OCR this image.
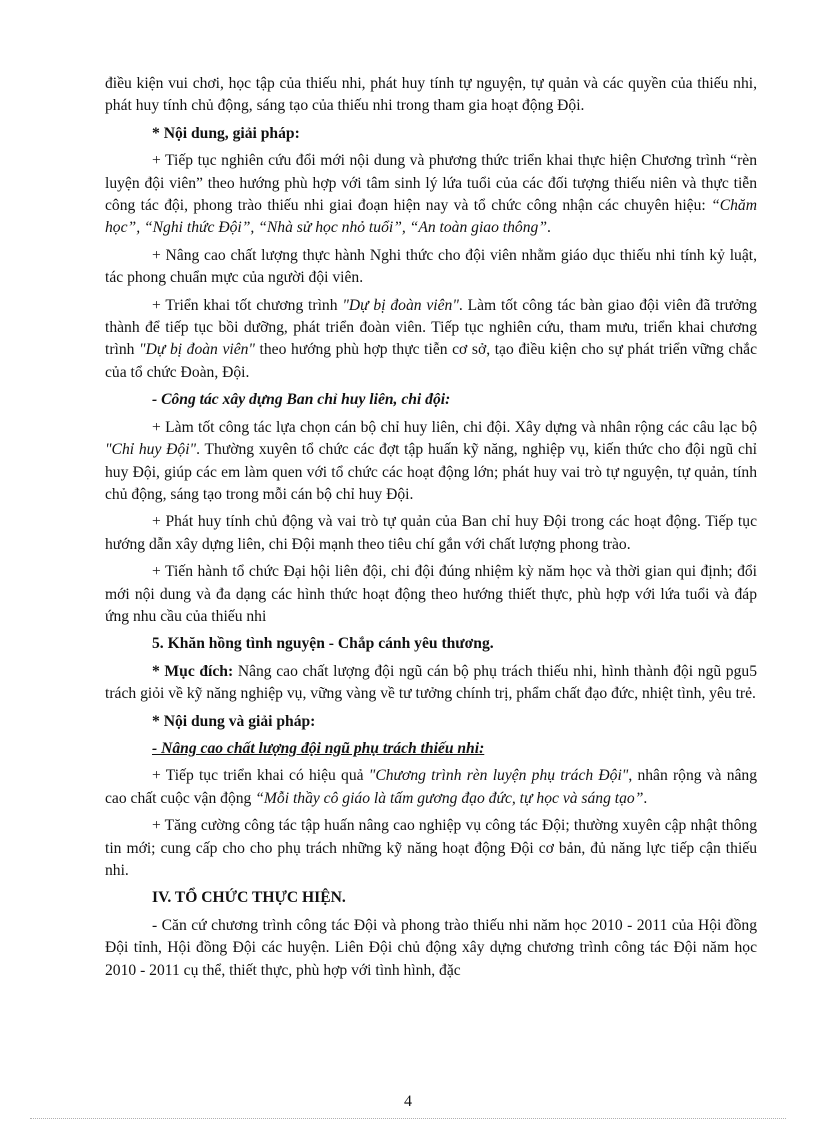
điều kiện vui chơi, học tập của thiếu nhi, phát huy tính tự nguyện, tự quản và các quyền của thiếu nhi, phát huy tính chủ động, sáng tạo của thiếu nhi trong tham gia hoạt động Đội.

* Nội dung, giải pháp:

+ Tiếp tục nghiên cứu đổi mới nội dung và phương thức triển khai thực hiện Chương trình “rèn luyện đội viên” theo hướng phù hợp với tâm sinh lý lứa tuổi của các đối tượng thiếu niên và thực tiễn công tác đội, phong trào thiếu nhi giai đoạn hiện nay và tổ chức công nhận các chuyên hiệu: “Chăm học”, “Nghi thức Đội”, “Nhà sử học nhỏ tuổi”, “An toàn giao thông”.

+ Nâng cao chất lượng thực hành Nghi thức cho đội viên nhằm giáo dục thiếu nhi tính kỷ luật, tác phong chuẩn mực của người đội viên.

+ Triển khai tốt chương trình "Dự bị đoàn viên". Làm tốt công tác bàn giao đội viên đã trưởng thành để tiếp tục bồi dưỡng, phát triển đoàn viên. Tiếp tục nghiên cứu, tham mưu, triển khai chương trình "Dự bị đoàn viên" theo hướng phù hợp thực tiễn cơ sở, tạo điều kiện cho sự phát triển vững chắc của tổ chức Đoàn, Đội.

- Công tác xây dựng Ban chỉ huy liên, chi đội:

+ Làm tốt công tác lựa chọn cán bộ chỉ huy liên, chi đội. Xây dựng và nhân rộng các câu lạc bộ "Chỉ huy Đội". Thường xuyên tổ chức các đợt tập huấn kỹ năng, nghiệp vụ, kiến thức cho đội ngũ chỉ huy Đội, giúp các em làm quen với tổ chức các hoạt động lớn; phát huy vai trò tự nguyện, tự quản, tính chủ động, sáng tạo trong mỗi cán bộ chỉ huy Đội.

+ Phát huy tính chủ động và vai trò tự quản của Ban chỉ huy Đội trong các hoạt động. Tiếp tục hướng dẫn xây dựng liên, chi Đội mạnh theo tiêu chí gắn với chất lượng phong trào.

+ Tiến hành tổ chức Đại hội liên đội, chi đội đúng nhiệm kỳ năm học và thời gian qui định; đổi mới nội dung và đa dạng các hình thức hoạt động theo hướng thiết thực, phù hợp với lứa tuổi và đáp ứng nhu cầu của thiếu nhi

5. Khăn hồng tình nguyện - Chắp cánh yêu thương.

* Mục đích: Nâng cao chất lượng đội ngũ cán bộ phụ trách thiếu nhi, hình thành đội ngũ pgu5 trách giỏi về kỹ năng nghiệp vụ, vững vàng về tư tưởng chính trị, phẩm chất đạo đức, nhiệt tình, yêu trẻ.

* Nội dung và giải pháp:

- Nâng cao chất lượng đội ngũ phụ trách thiếu nhi:

+ Tiếp tục triển khai có hiệu quả "Chương trình rèn luyện phụ trách Đội", nhân rộng và nâng cao chất cuộc vận động “Mỗi thầy cô giáo là tấm gương đạo đức, tự học và sáng tạo”.

+ Tăng cường công tác tập huấn nâng cao nghiệp vụ công tác Đội; thường xuyên cập nhật thông tin mới; cung cấp cho cho phụ trách những kỹ năng hoạt động Đội cơ bản, đủ năng lực tiếp cận thiếu nhi.

IV. TỔ CHỨC THỰC HIỆN.

- Căn cứ chương trình công tác Đội và phong trào thiếu nhi năm học 2010 - 2011 của Hội đồng Đội tỉnh, Hội đồng Đội các huyện. Liên Đội chủ động xây dựng chương trình công tác Đội năm học 2010 - 2011 cụ thể, thiết thực, phù hợp với tình hình, đặc

4
